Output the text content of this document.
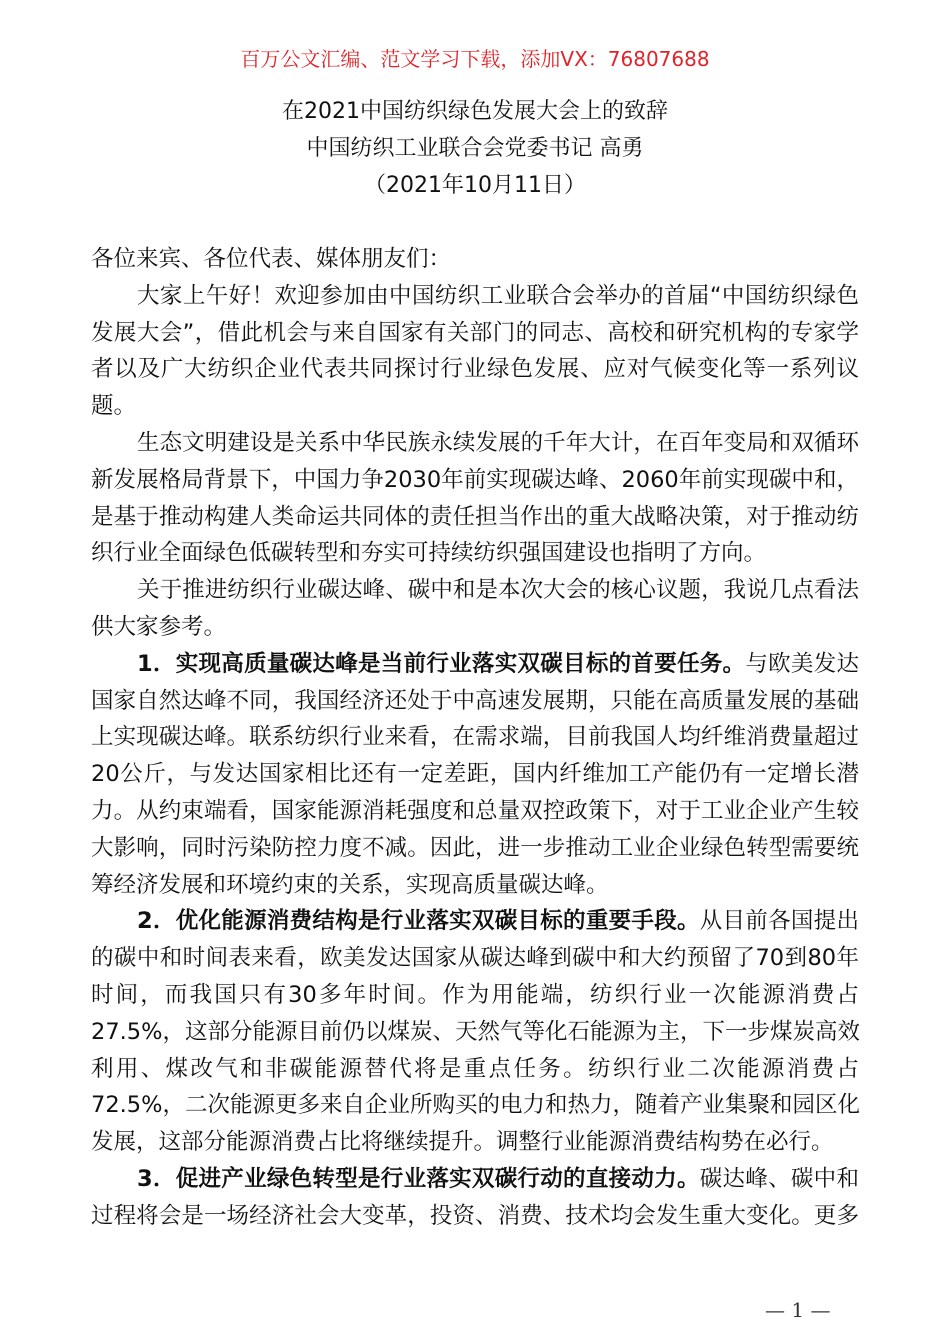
百万公文汇编、范文学习下载，添加VX：76807688
在2021中国纺织绿色发展大会上的致辞
中国纺织工业联合会党委书记 高勇
（2021年10月11日）
各位来宾、各位代表、媒体朋友们：
大家上午好！欢迎参加由中国纺织工业联合会举办的首届“中国纺织绿色
发展大会”，借此机会与来自国家有关部门的同志、高校和研究机构的专家学
者以及广大纺织企业代表共同探讨行业绿色发展、应对气候变化等一系列议
题。
生态文明建设是关系中华民族永续发展的千年大计，在百年变局和双循环
新发展格局背景下，中国力争2030年前实现碳达峰、2060年前实现碳中和，
是基于推动构建人类命运共同体的责任担当作出的重大战略决策，对于推动纺
织行业全面绿色低碳转型和夯实可持续纺织强国建设也指明了方向。
关于推进纺织行业碳达峰、碳中和是本次大会的核心议题，我说几点看法
供大家参考。
1．实现高质量碳达峰是当前行业落实双碳目标的首要任务。与欧美发达
国家自然达峰不同，我国经济还处于中高速发展期，只能在高质量发展的基础
上实现碳达峰。联系纺织行业来看，在需求端，目前我国人均纤维消费量超过
20公斤，与发达国家相比还有一定差距，国内纤维加工产能仍有一定增长潜
力。从约束端看，国家能源消耗强度和总量双控政策下，对于工业企业产生较
大影响，同时污染防控力度不减。因此，进一步推动工业企业绿色转型需要统
筹经济发展和环境约束的关系，实现高质量碳达峰。
2．优化能源消费结构是行业落实双碳目标的重要手段。从目前各国提出
的碳中和时间表来看，欧美发达国家从碳达峰到碳中和大约预留了70到80年
时间，而我国只有30多年时间。作为用能端，纺织行业一次能源消费占
27.5%，这部分能源目前仍以煤炭、天然气等化石能源为主，下一步煤炭高效
利用、煤改气和非碳能源替代将是重点任务。纺织行业二次能源消费占
72.5%，二次能源更多来自企业所购买的电力和热力，随着产业集聚和园区化
发展，这部分能源消费占比将继续提升。调整行业能源消费结构势在必行。
3．促进产业绿色转型是行业落实双碳行动的直接动力。碳达峰、碳中和
过程将会是一场经济社会大变革，投资、消费、技术均会发生重大变化。更多
— 1 —
